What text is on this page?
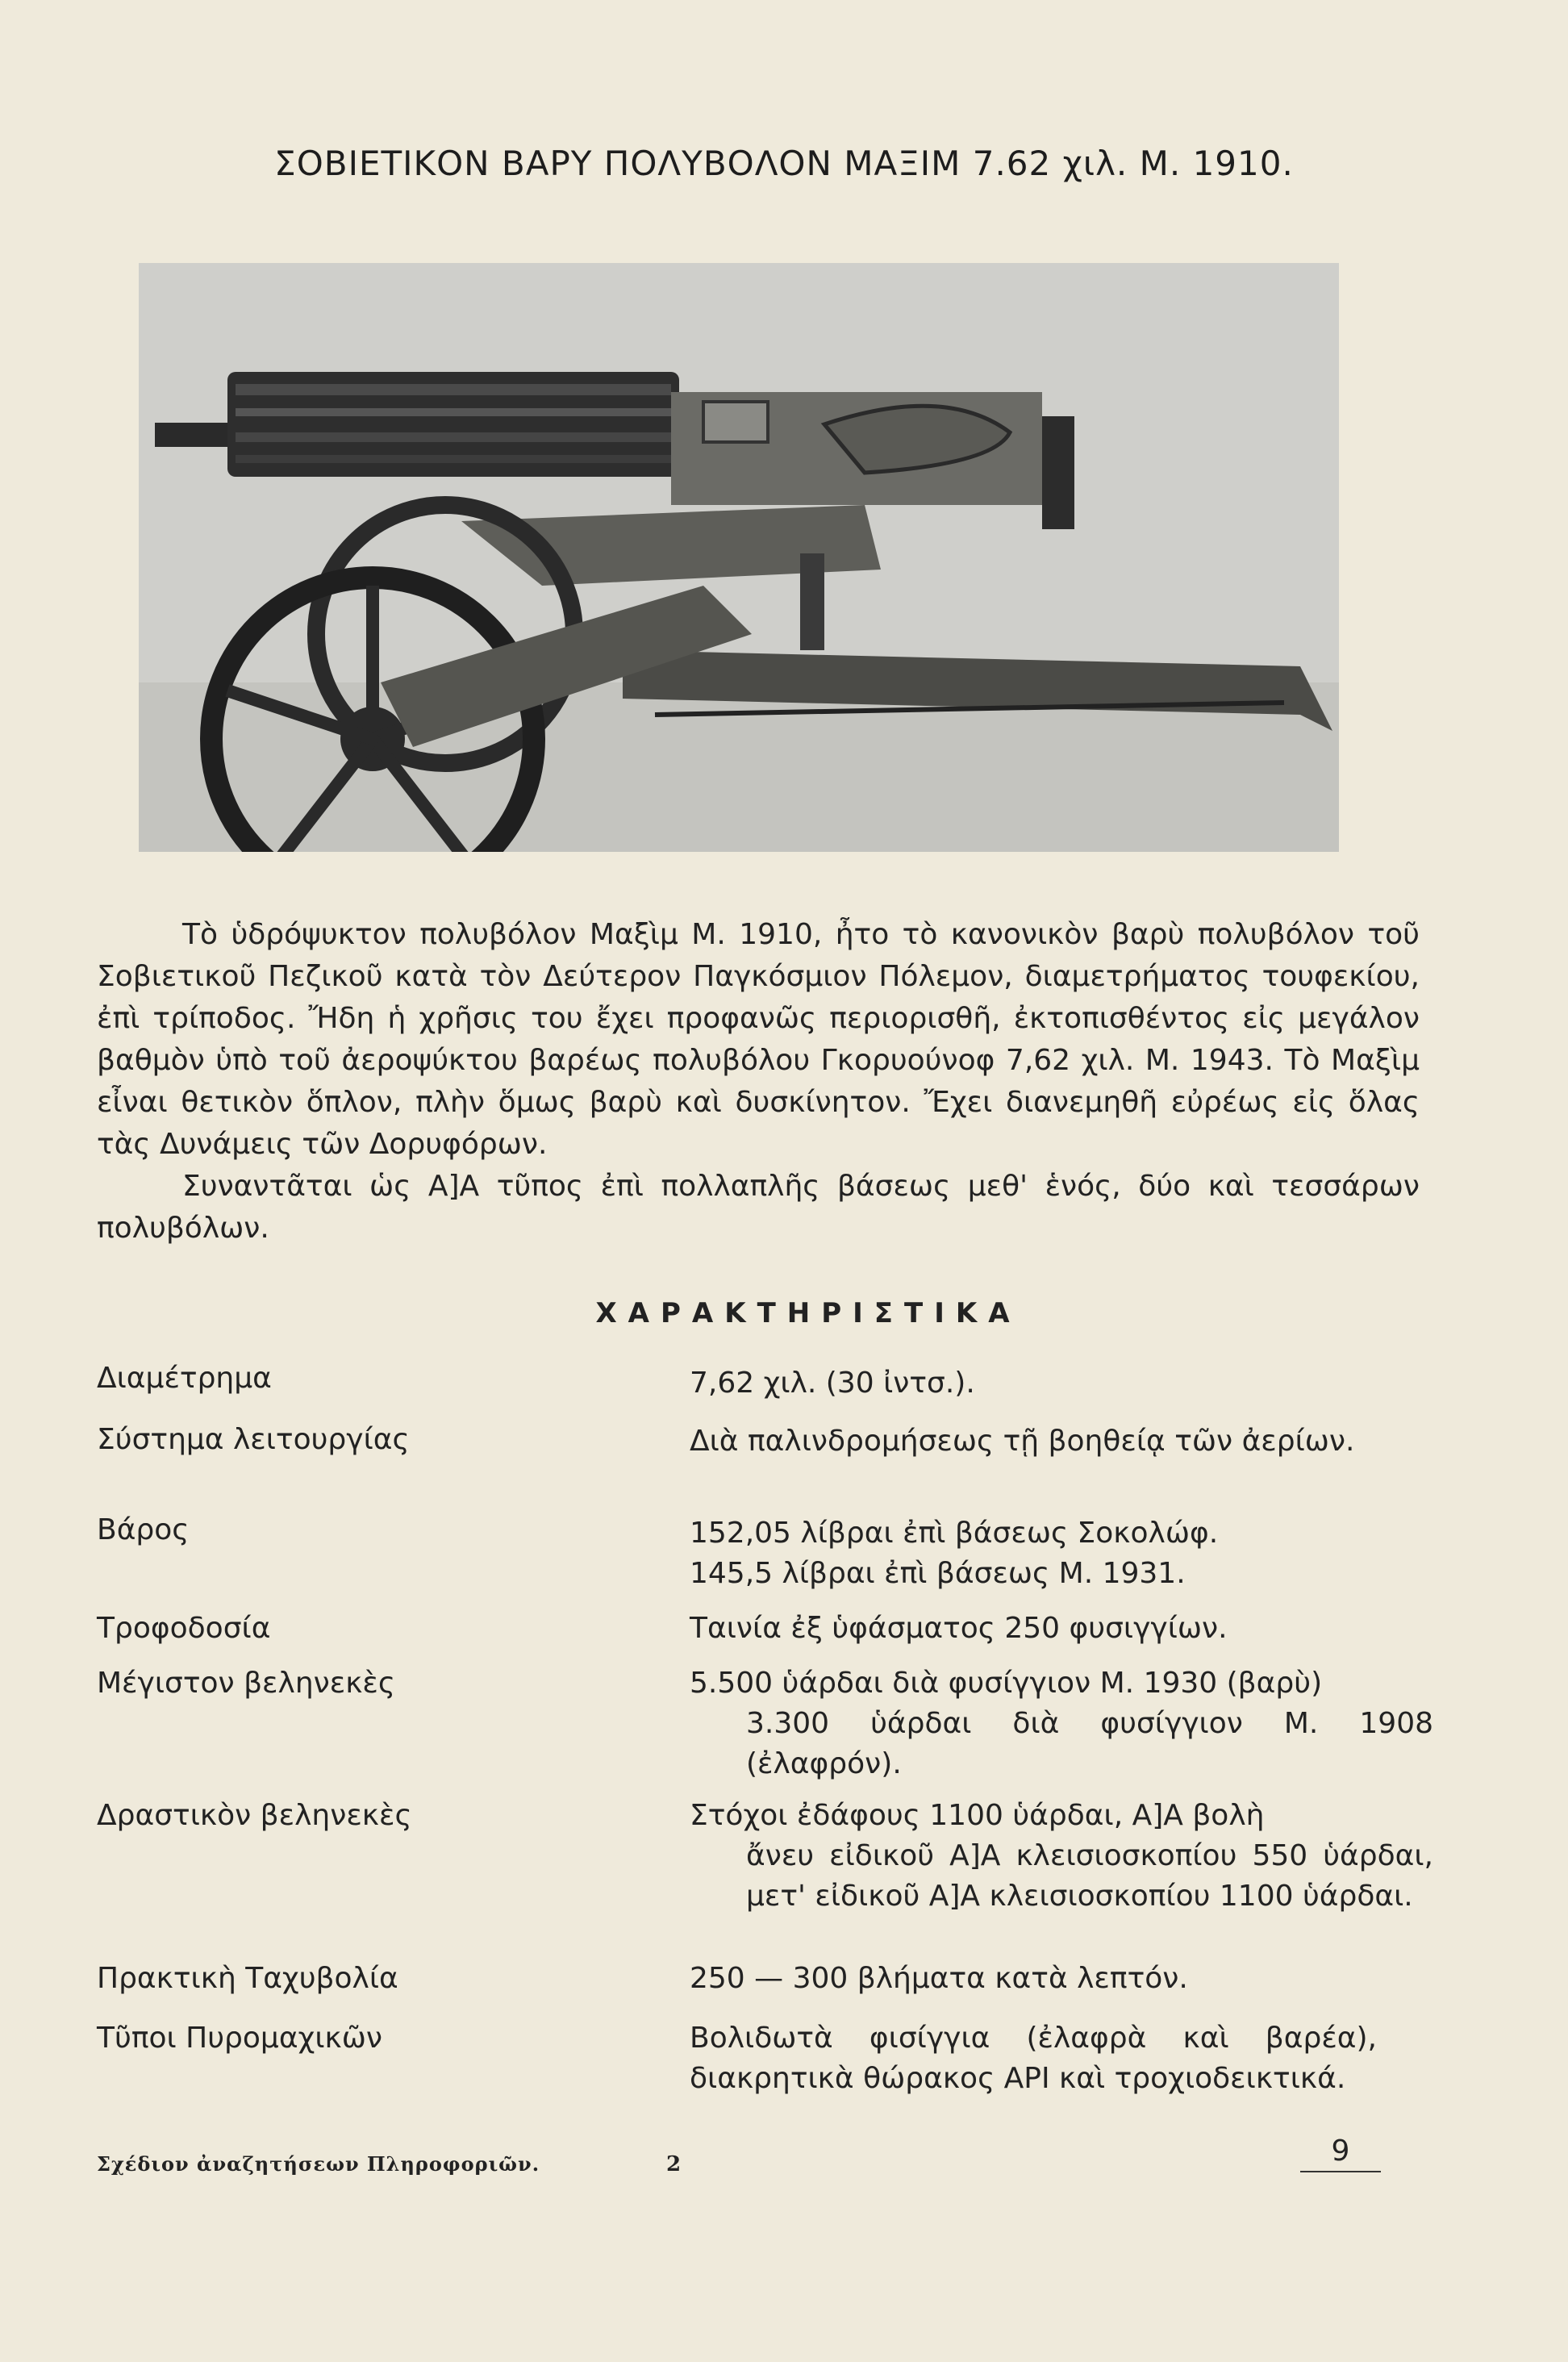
ΣΟΒΙΕΤΙΚΟΝ ΒΑΡΥ ΠΟΛΥΒΟΛΟΝ ΜΑΞΙΜ 7.62 χιλ. Μ. 1910.

Τὸ ὑδρόψυκτον πολυβόλον Μαξὶμ Μ. 1910, ἦτο τὸ κανονικὸν βαρὺ πολυβόλον τοῦ Σοβιετικοῦ Πεζικοῦ κατὰ τὸν Δεύτερον Παγκόσμιον Πόλεμον, διαμετρήματος τουφεκίου, ἐπὶ τρίποδος. Ἤδη ἡ χρῆσις του ἔχει προφανῶς περιορισθῆ, ἐκτοπισθέντος εἰς μεγάλον βαθμὸν ὑπὸ τοῦ ἀεροψύκτου βαρέως πολυβόλου Γκορυούνοφ 7,62 χιλ. Μ. 1943. Τὸ Μαξὶμ εἶναι θετικὸν ὅπλον, πλὴν ὅμως βαρὺ καὶ δυσκίνητον. Ἔχει διανεμηθῆ εὐρέως εἰς ὅλας τὰς Δυνάμεις τῶν Δορυφόρων.

Συναντᾶται ὡς Α]Α τῦπος ἐπὶ πολλαπλῆς βάσεως μεθ' ἑνός, δύο καὶ τεσσάρων πολυβόλων.

ΧΑΡΑΚΤΗΡΙΣΤΙΚΑ
Διαμέτρημα	7,62 χιλ. (30 ἰντσ.).
Σύστημα λειτουργίας	Διὰ παλινδρομήσεως τῇ βοηθείᾳ τῶν ἀερίων.
Βάρος	152,05 λίβραι ἐπὶ βάσεως Σοκολώφ.
145,5 λίβραι ἐπὶ βάσεως Μ. 1931.
Τροφοδοσία	Ταινία ἐξ ὑφάσματος 250 φυσιγγίων.
Μέγιστον βεληνεκὲς	5.500 ὑάρδαι διὰ φυσίγγιον Μ. 1930 (βαρὺ)
3.300 ὑάρδαι διὰ φυσίγγιον Μ. 1908 (ἐλαφρόν).
Δραστικὸν βεληνεκὲς	Στόχοι ἐδάφους 1100 ὑάρδαι, Α]Α βολὴ
ἄνευ εἰδικοῦ Α]Α κλεισιοσκοπίου 550 ὑάρδαι, μετ' εἰδικοῦ Α]Α κλεισιοσκοπίου 1100 ὑάρδαι.
Πρακτικὴ Ταχυβολία	250 — 300 βλήματα κατὰ λεπτόν.
Τῦποι Πυρομαχικῶν	Βολιδωτὰ φισίγγια (ἐλαφρὰ καὶ βαρέα), διακρητικὰ θώρακος ΑΡΙ καὶ τροχιοδεικτικά.
Σχέδιον ἀναζητήσεων Πληροφοριῶν.	2	9
